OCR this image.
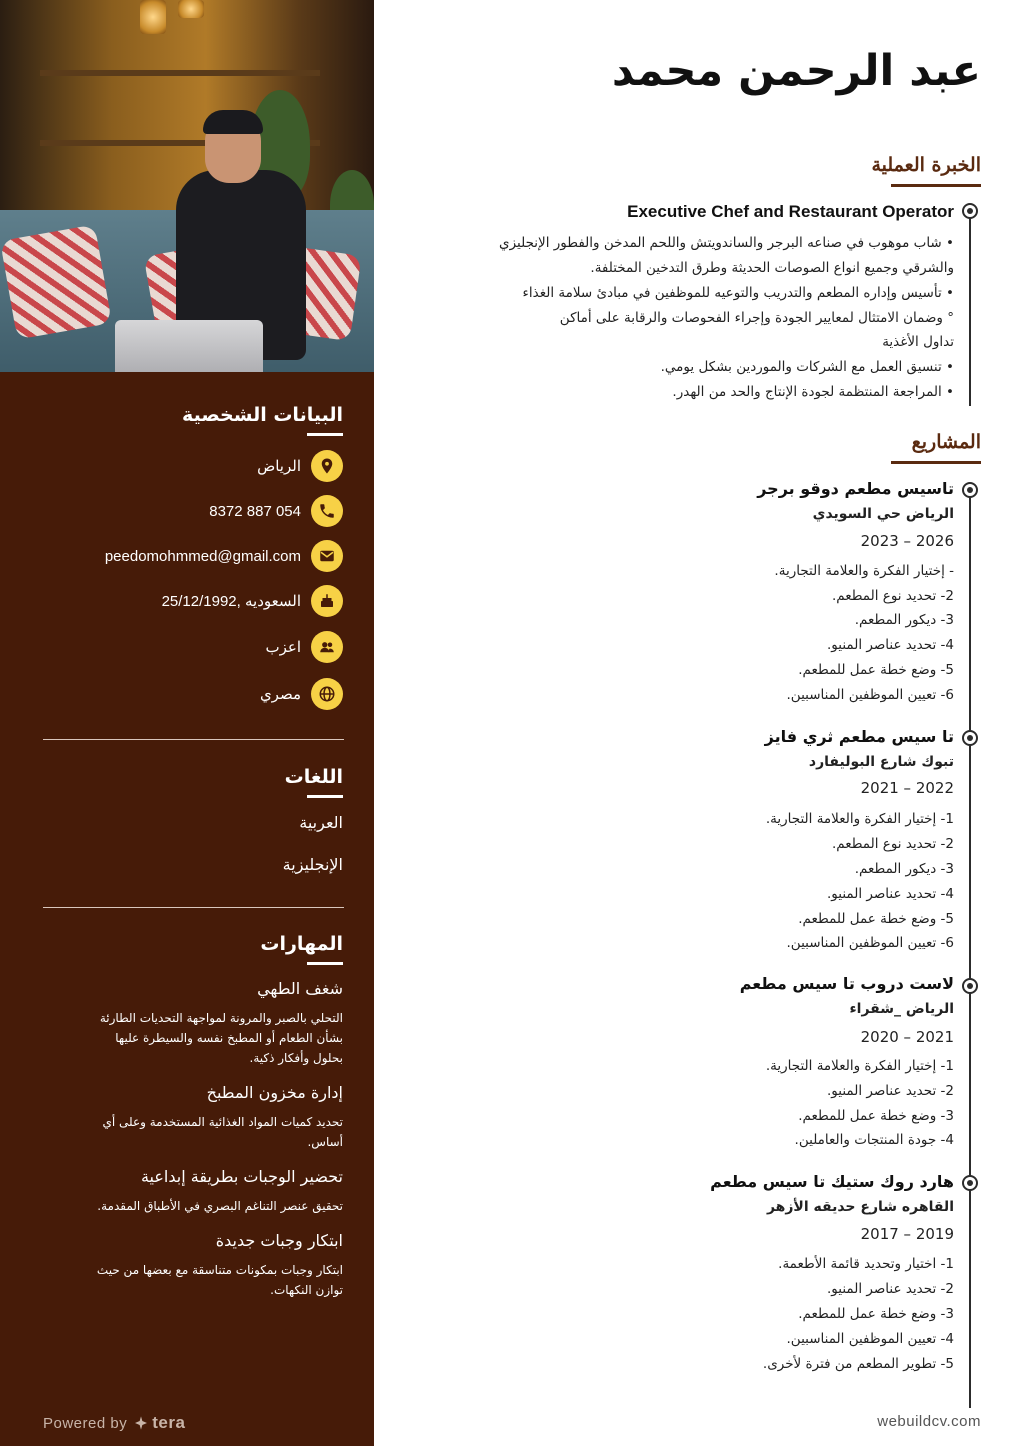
البيانات الشخصية
الرياض
8372 887 054
peedomohmmed@gmail.com
25/12/1992, السعوديه
اعزب
مصري
اللغات
العربية
الإنجليزية
المهارات
شغف الطهي
التحلي بالصبر والمرونة لمواجهة التحديات الطارئة
بشأن الطعام أو المطبخ نفسه والسيطرة عليها
بحلول وأفكار ذكية.
إدارة مخزون المطبخ
تحديد كميات المواد الغذائية المستخدمة وعلى أي
أساس.
تحضير الوجبات بطريقة إبداعية
تحقيق عنصر التناغم البصري في الأطباق المقدمة.
ابتكار وجبات جديدة
ابتكار وجبات بمكونات متناسقة مع بعضها من حيث
توازن النكهات.
Powered by tera
عبد الرحمن محمد
الخبرة العملية
Executive Chef and Restaurant Operator
• شاب موهوب في صناعه البرجر والساندويتش واللحم المدخن والفطور الإنجليزي
والشرقي وجميع انواع الصوصات الحديثة وطرق التدخين المختلفة.
• تأسيس وإداره المطعم والتدريب والتوعيه للموظفين في مبادئ سلامة الغذاء
° وضمان الامتثال لمعايير الجودة وإجراء الفحوصات والرقابة على أماكن
تداول الأغذية
• تنسيق العمل مع الشركات والموردين بشكل يومي.
• المراجعة المنتظمة لجودة الإنتاج والحد من الهدر.
المشاريع
تاسيس مطعم دوقو برجر
الرياض حي السويدي
2023 – 2026
- إختيار الفكرة والعلامة التجارية.
2- تحديد نوع المطعم.
3- ديكور المطعم.
4- تحديد عناصر المنيو.
5- وضع خطة عمل للمطعم.
6- تعيين الموظفين المناسبين.
تا سيس مطعم ثري فايز
تبوك شارع البوليفارد
2021 – 2022
1- إختيار الفكرة والعلامة التجارية.
2- تحديد نوع المطعم.
3- ديكور المطعم.
4- تحديد عناصر المنيو.
5- وضع خطة عمل للمطعم.
6- تعيين الموظفين المناسبين.
لاست دروب تا سيس مطعم
الرياض _شقراء
2020 – 2021
1- إختيار الفكرة والعلامة التجارية.
2- تحديد عناصر المنيو.
3- وضع خطة عمل للمطعم.
4- جودة المنتجات والعاملين.
هارد روك ستيك تا سيس مطعم
القاهره شارع حديقه الأزهر
2017 – 2019
1- اختيار وتحديد قائمة الأطعمة.
2- تحديد عناصر المنيو.
3- وضع خطة عمل للمطعم.
4- تعيين الموظفين المناسبين.
5- تطوير المطعم من فترة لأخرى.
webuildcv.com
